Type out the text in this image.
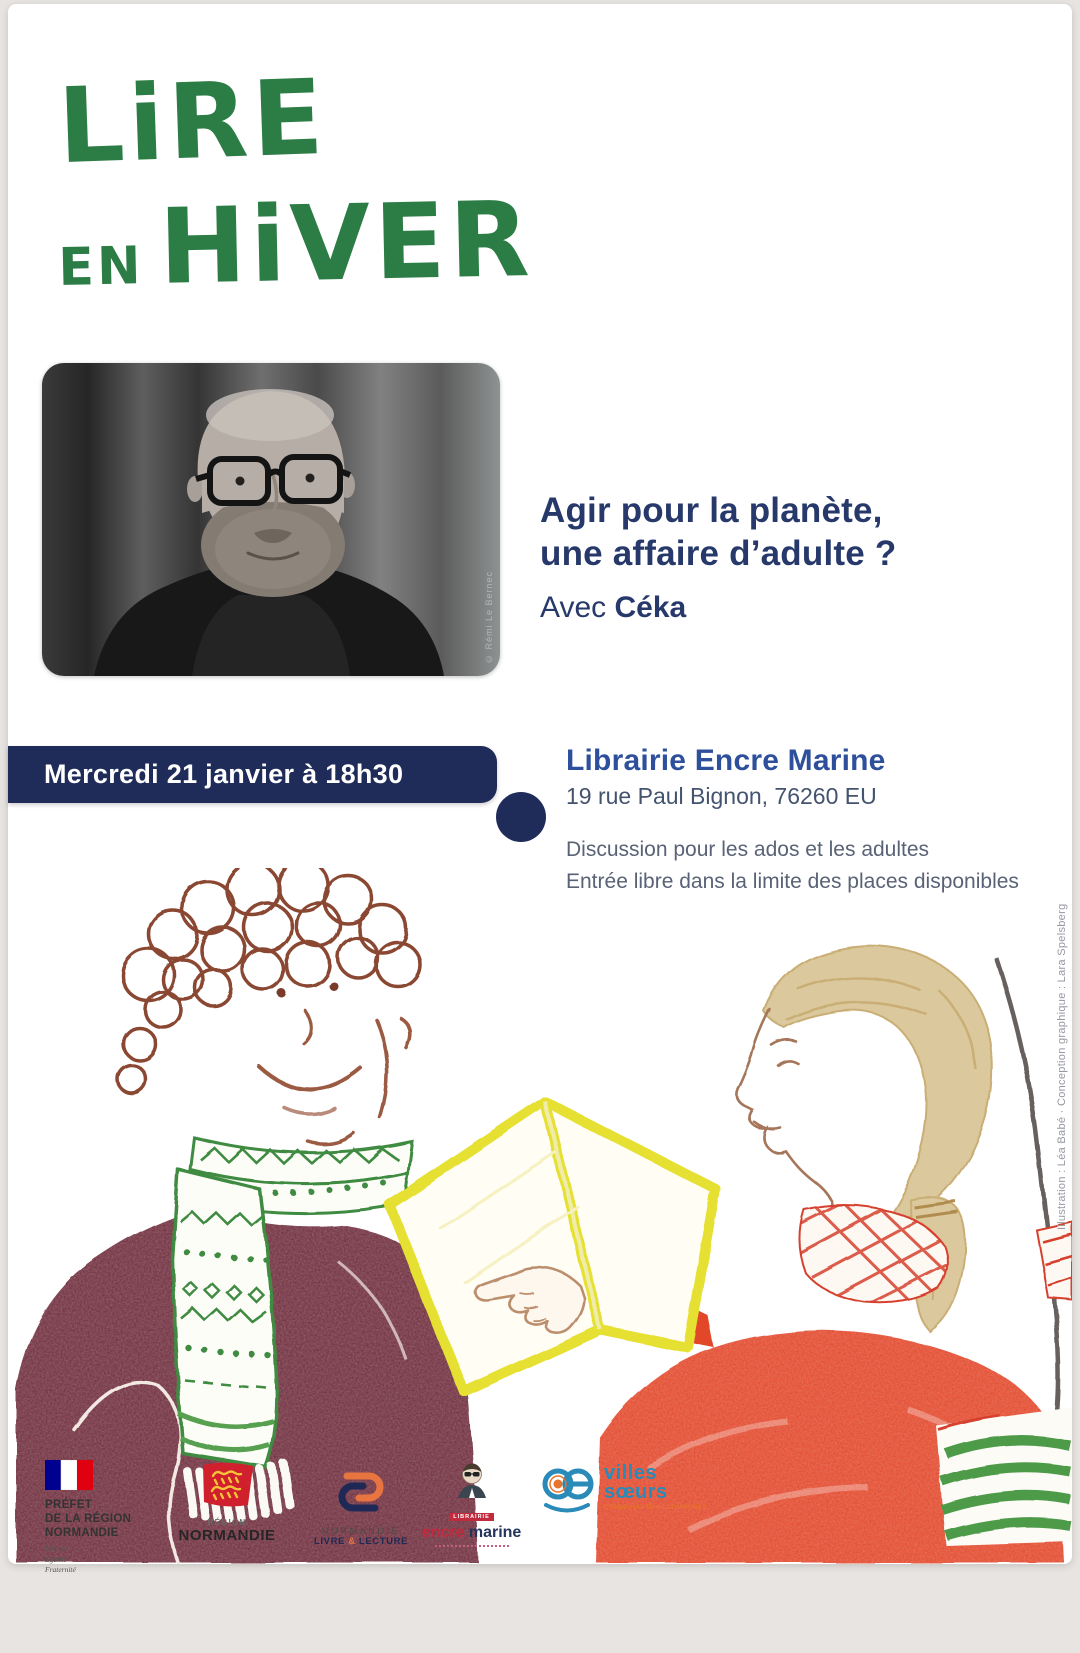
LiRE
EN HiVER
© Rémi Le Bernec
Agir pour la planète,
une affaire d’adulte ?
Avec Céka
Mercredi 21 janvier à 18h30	Librairie Encre Marine
19 rue Paul Bignon, 76260 EU
Discussion pour les ados et les adultes
Entrée libre dans la limite des places disponibles
Illustration : Léa Babé · Conception graphique : Lara Spelsberg
PRÉFET
DE LA RÉGION
NORMANDIE
Liberté
Égalité
Fraternité
RÉGION
NORMANDIE	NORMANDIE
LIVRE & LECTURE
LIBRAIRIE
encre marine
villes
sœurs
COMMUNAUTÉ de COMMUNES
